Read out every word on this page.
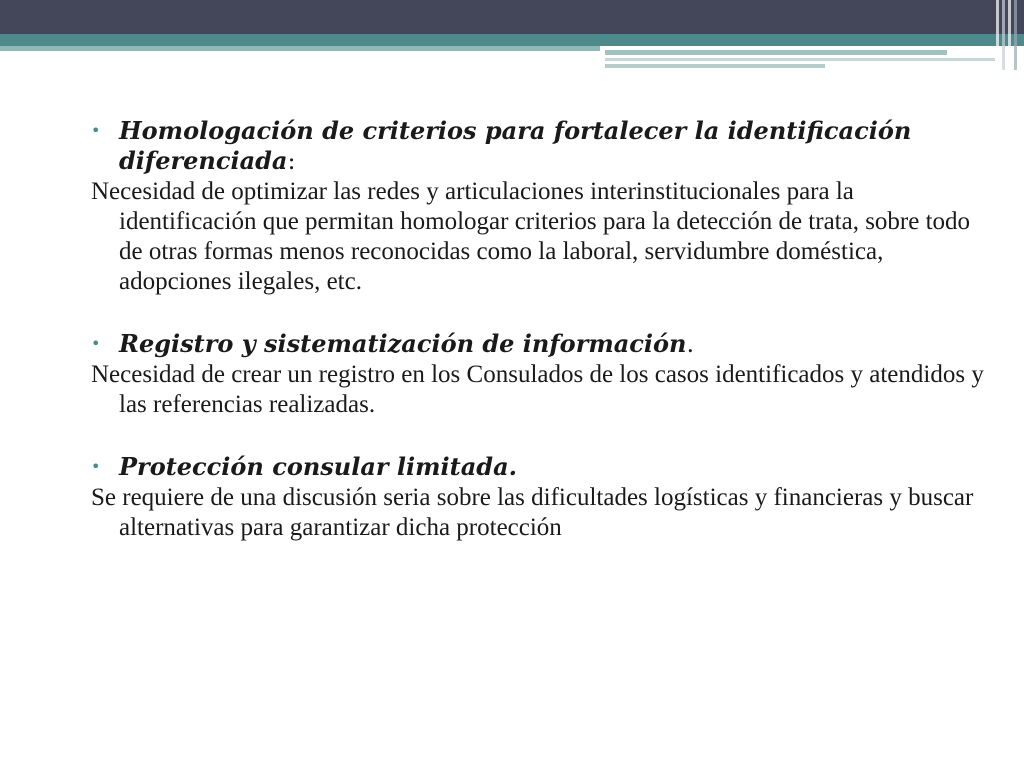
• Homologación de criterios para fortalecer la identificación diferenciada:
Necesidad de optimizar las redes y articulaciones interinstitucionales para la identificación que permitan homologar criterios para la detección de trata, sobre todo de otras formas menos reconocidas como la laboral, servidumbre doméstica, adopciones ilegales, etc.
• Registro y sistematización de información.
Necesidad de crear un registro en los Consulados de los casos identificados y atendidos y las referencias realizadas.
• Protección consular limitada.
Se requiere de una discusión seria sobre las dificultades logísticas y financieras y buscar alternativas para garantizar dicha protección
